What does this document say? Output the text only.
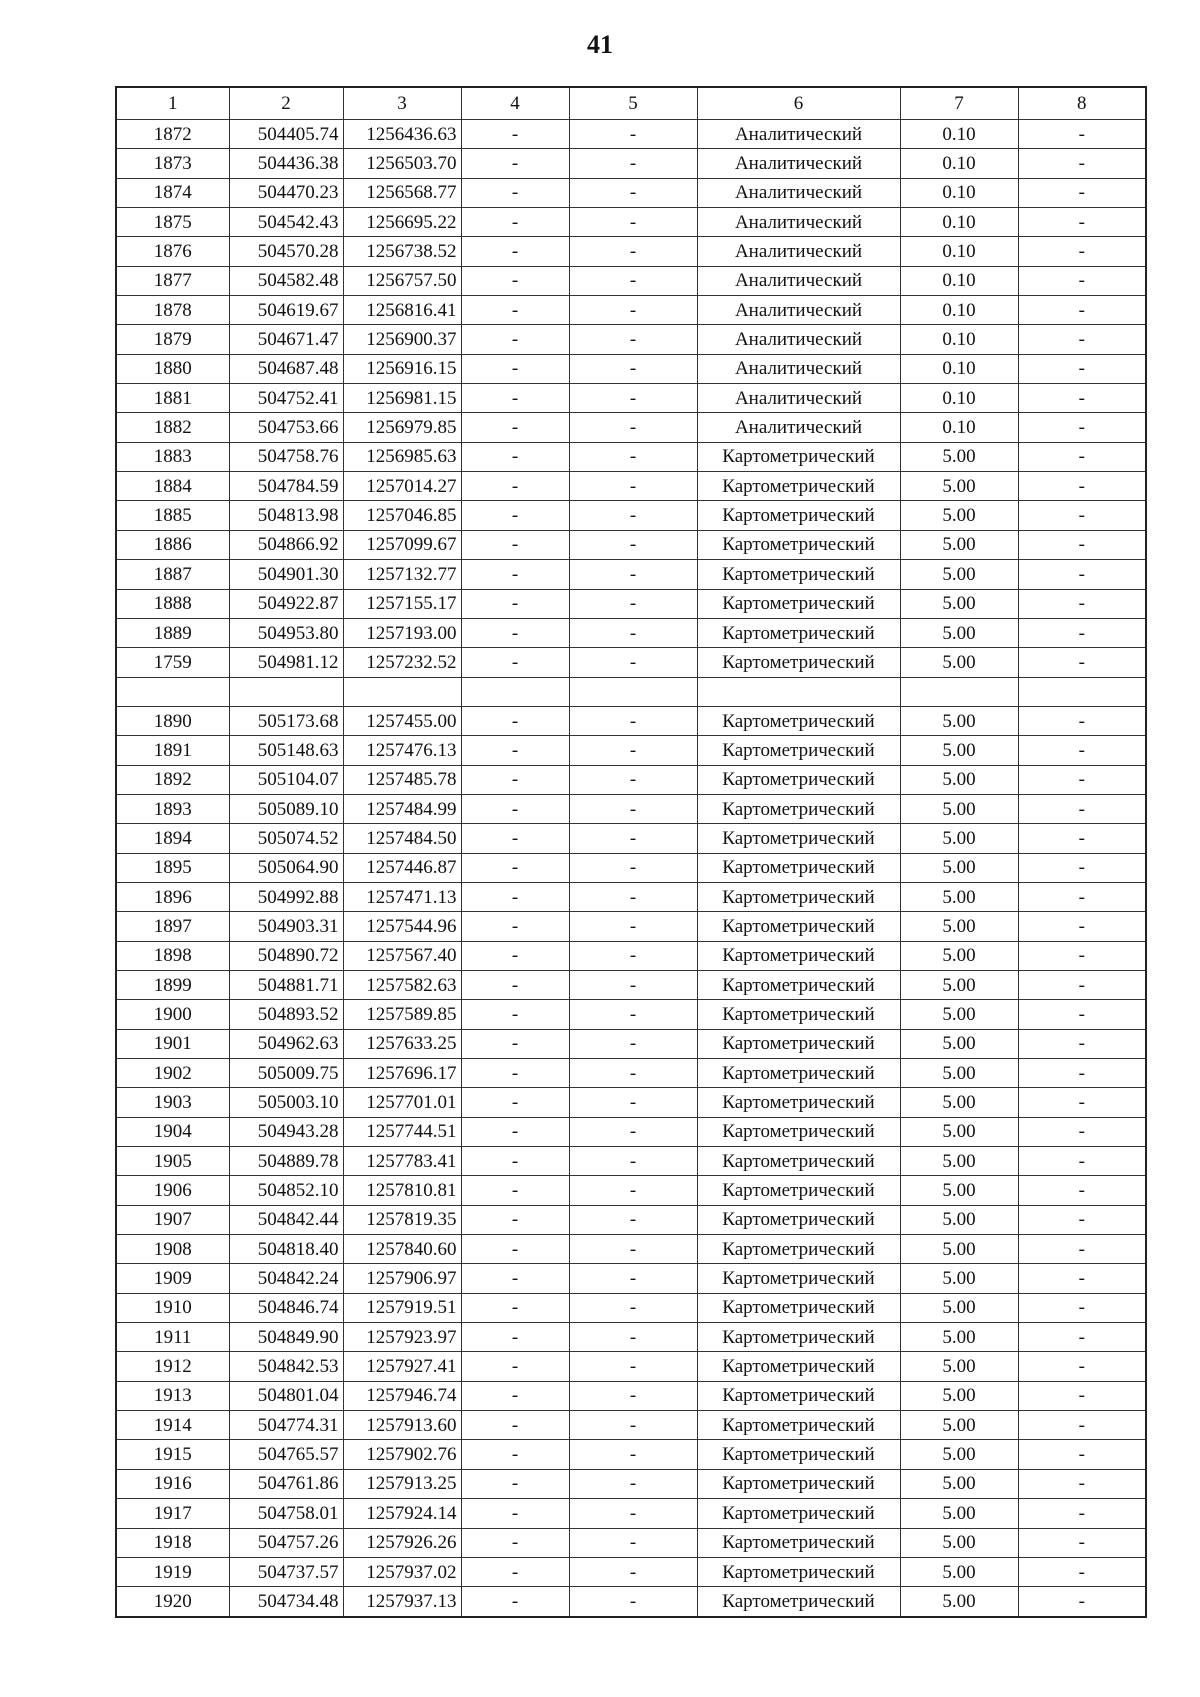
41
1	2	3	4	5	6	7	8
1872	504405.74	1256436.63	-	-	Аналитический	0.10	-
1873	504436.38	1256503.70	-	-	Аналитический	0.10	-
1874	504470.23	1256568.77	-	-	Аналитический	0.10	-
1875	504542.43	1256695.22	-	-	Аналитический	0.10	-
1876	504570.28	1256738.52	-	-	Аналитический	0.10	-
1877	504582.48	1256757.50	-	-	Аналитический	0.10	-
1878	504619.67	1256816.41	-	-	Аналитический	0.10	-
1879	504671.47	1256900.37	-	-	Аналитический	0.10	-
1880	504687.48	1256916.15	-	-	Аналитический	0.10	-
1881	504752.41	1256981.15	-	-	Аналитический	0.10	-
1882	504753.66	1256979.85	-	-	Аналитический	0.10	-
1883	504758.76	1256985.63	-	-	Картометрический	5.00	-
1884	504784.59	1257014.27	-	-	Картометрический	5.00	-
1885	504813.98	1257046.85	-	-	Картометрический	5.00	-
1886	504866.92	1257099.67	-	-	Картометрический	5.00	-
1887	504901.30	1257132.77	-	-	Картометрический	5.00	-
1888	504922.87	1257155.17	-	-	Картометрический	5.00	-
1889	504953.80	1257193.00	-	-	Картометрический	5.00	-
1759	504981.12	1257232.52	-	-	Картометрический	5.00	-

1890	505173.68	1257455.00	-	-	Картометрический	5.00	-
1891	505148.63	1257476.13	-	-	Картометрический	5.00	-
1892	505104.07	1257485.78	-	-	Картометрический	5.00	-
1893	505089.10	1257484.99	-	-	Картометрический	5.00	-
1894	505074.52	1257484.50	-	-	Картометрический	5.00	-
1895	505064.90	1257446.87	-	-	Картометрический	5.00	-
1896	504992.88	1257471.13	-	-	Картометрический	5.00	-
1897	504903.31	1257544.96	-	-	Картометрический	5.00	-
1898	504890.72	1257567.40	-	-	Картометрический	5.00	-
1899	504881.71	1257582.63	-	-	Картометрический	5.00	-
1900	504893.52	1257589.85	-	-	Картометрический	5.00	-
1901	504962.63	1257633.25	-	-	Картометрический	5.00	-
1902	505009.75	1257696.17	-	-	Картометрический	5.00	-
1903	505003.10	1257701.01	-	-	Картометрический	5.00	-
1904	504943.28	1257744.51	-	-	Картометрический	5.00	-
1905	504889.78	1257783.41	-	-	Картометрический	5.00	-
1906	504852.10	1257810.81	-	-	Картометрический	5.00	-
1907	504842.44	1257819.35	-	-	Картометрический	5.00	-
1908	504818.40	1257840.60	-	-	Картометрический	5.00	-
1909	504842.24	1257906.97	-	-	Картометрический	5.00	-
1910	504846.74	1257919.51	-	-	Картометрический	5.00	-
1911	504849.90	1257923.97	-	-	Картометрический	5.00	-
1912	504842.53	1257927.41	-	-	Картометрический	5.00	-
1913	504801.04	1257946.74	-	-	Картометрический	5.00	-
1914	504774.31	1257913.60	-	-	Картометрический	5.00	-
1915	504765.57	1257902.76	-	-	Картометрический	5.00	-
1916	504761.86	1257913.25	-	-	Картометрический	5.00	-
1917	504758.01	1257924.14	-	-	Картометрический	5.00	-
1918	504757.26	1257926.26	-	-	Картометрический	5.00	-
1919	504737.57	1257937.02	-	-	Картометрический	5.00	-
1920	504734.48	1257937.13	-	-	Картометрический	5.00	-
